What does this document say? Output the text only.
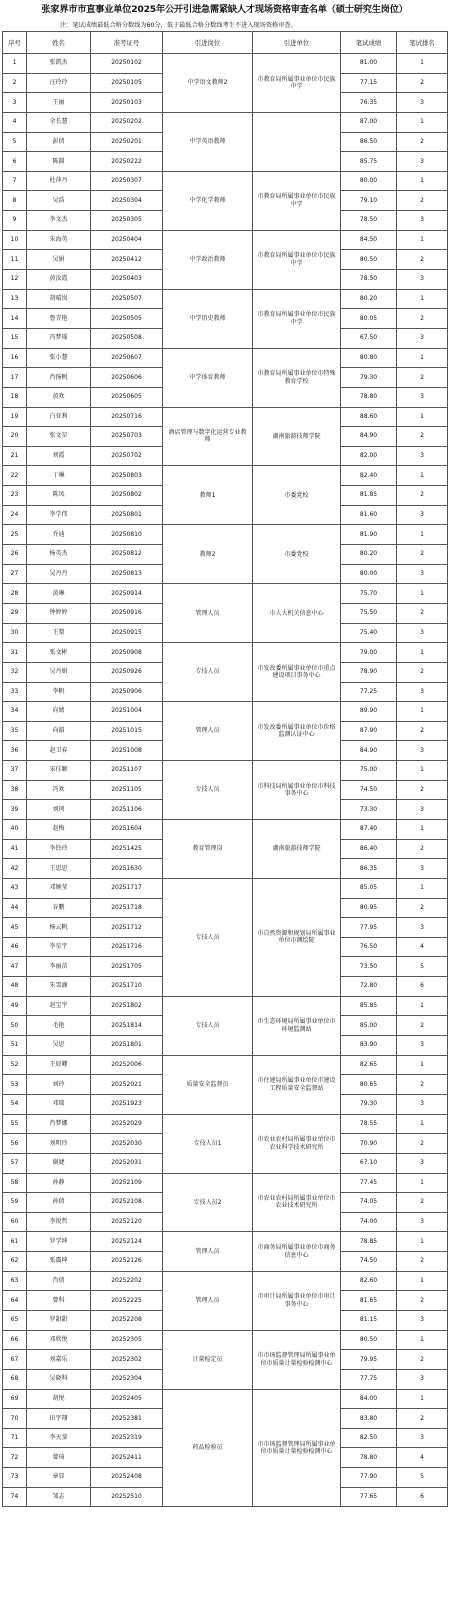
张家界市市直事业单位2025年公开引进急需紧缺人才现场资格审查名单（硕士研究生岗位）
注：笔试成绩最低合格分数线为60分，低于最低合格分数线考生不进入现场资格审查。
序号	姓名	准考证号	引进岗位	引进单位	笔试成绩	笔试排名
1	张凯杰	20250102	中学语文教师2	市教育局所属事业单位市民族中学	81.00	1
2	汪玲玲	20250105			77.15	2
3	王丽	20250103			76.35	3
4	全长慧	20250202	中学英语教师		87.00	1
5	彭倩	20250201			86.50	2
6	陈圆	20250222			85.75	3
7	杜萍丹	20250307	中学化学教师	市教育局所属事业单位市民族中学	80.00	1
8	吴浩	20250304			79.10	2
9	李文杰	20250305			78.50	3
10	朱海英	20250404	中学政治教师	市教育局所属事业单位市民族中学	84.50	1
11	吴娟	20250412			80.50	2
12	黄汝霞	20250403			78.50	3
13	胡晴岚	20250507	中学历史教师	市教育局所属事业单位市民族中学	80.20	1
14	鲁青艳	20250505			80.05	2
15	冯梦瑶	20250508			67.50	3
16	张小慧	20250607	中学体育教师	市教育局所属事业单位市特殊教育学校	80.80	1
17	肖扬帆	20250606			79.30	2
18	黄欢	20250605			78.80	3
19	白亚利	20250716	酒店管理与数字化运营专业教师	湖南旅游技师学院	88.60	1
20	张文星	20250703			84.90	2
21	刘霞	20250702			82.00	3
22	丁琳	20250803	教师1	市委党校	82.40	1
23	陈凤	20250802			81.85	2
24	李学伟	20250801			81.60	3
25	乔迪	20250810	教师2	市委党校	81.90	1
26	杨英杰	20250812			80.20	2
27	吴丹丹	20250813			80.00	3
28	黄琳	20250914	管理人员	市人大机关信息中心	75.70	1
29	钟婷婷	20250916			75.50	2
30	王梨	20250915			75.40	3
31	张文彬	20250908	专技人员	市发改委所属事业单位市重点建设项目事务中心	79.00	1
32	吴丹娟	20250926			78.90	2
33	李帆	20250906			77.25	3
34	向婧	20251004	管理人员	市发改委所属事业单位市价格监测认证中心	89.90	1
35	向湄	20251015			87.90	2
36	赵卫春	20251008			84.90	3
37	宋佳颖	20251107	专技人员	市科技局所属事业单位市科技事务中心	75.00	1
38	冯欢	20251105			74.50	2
39	刘珂	20251106			73.30	3
40	赵梅	20251604	教育管理岗	湖南旅游技师学院	87.40	1
41	李铃玲	20251425			86.40	2
42	王思思	20251630			86.35	3
43	邓婉莹	20251717	专技人员	市自然资源和规划局所属事业单位市测绘院	85.05	1
44	谷鹏	20251718			80.95	2
45	杨云帆	20251712			77.95	3
46	李星宇	20251716			76.50	4
47	李丽苗	20251705			73.50	5
48	朱雪滴	20251710			72.80	6
49	赵宝宇	20251802	专技人员	市生态环境局所属事业单位市环境监测站	85.85	1
50	毛艳	20251814			85.00	2
51	吴思	20251801			83.90	3
52	王辰卿	20252006	质量安全监督员	市住建局所属事业单位市建设工程质量安全监督站	82.65	1
53	刘玲	20252021			80.65	2
54	邓瑞	20251923			79.30	3
55	肖梦娜	20252029	专技人员1	市农业农村局所属事业单位市农业科学技术研究所	78.55	1
56	刘明玲	20252030			70.90	2
57	谢婕	20252031			67.10	3
58	孙静	20252109	专技人员2	市农业农村局所属事业单位市农业技术研究所	77.45	1
59	孙倩	20252108			74.05	2
60	李锐哲	20252120			74.00	3
61	罗学坤	20252124	管理人员	市商务局所属事业单位市商务信息中心	78.85	1
62	张震坤	20252126			74.50	2
63	肖倩	20252202	管理人员	市审计局所属事业单位市审计事务中心	82.60	1
64	曾科	20252225			81.65	2
65	罗甜甜	20252208			81.15	3
66	邓欣悦	20252305	计量检定员	市市场监督管理局所属事业单位市质量计量检验检测中心	80.50	1
67	刘嘉乐	20252302			79.95	2
68	吴晓科	20252304			77.75	3
69	胡悦	20252405	药品检验员	市市场监督管理局所属事业单位市质量计量检验检测中心	84.00	1
70	田宇翔	20252381			83.80	2
71	李天銮	20252319			82.50	3
72	曾琦	20252411			78.80	4
73	章显	20252408			77.90	5
74	邹志	20252510			77.65	6
